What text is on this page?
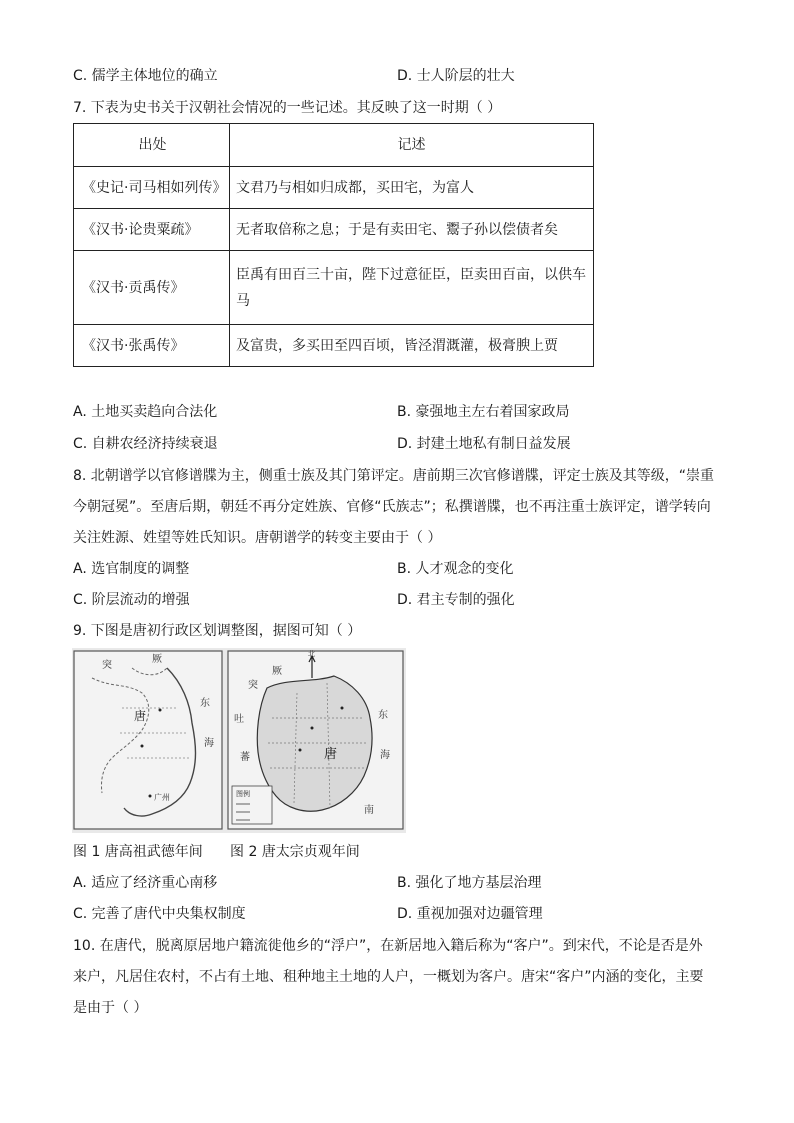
C. 儒学主体地位的确立	D. 士人阶层的壮大
7. 下表为史书关于汉朝社会情况的一些记述。其反映了这一时期（ ）
出处	记述
《史记·司马相如列传》	文君乃与相如归成都，买田宅，为富人
《汉书·论贵粟疏》	无者取倍称之息；于是有卖田宅、鬻子孙以偿债者矣
《汉书·贡禹传》	臣禹有田百三十亩，陛下过意征臣，臣卖田百亩，以供车马
《汉书·张禹传》	及富贵，多买田至四百顷，皆泾渭溉灌，极膏腴上贾
A. 土地买卖趋向合法化	B. 豪强地主左右着国家政局
C. 自耕农经济持续衰退	D. 封建土地私有制日益发展
8. 北朝谱学以官修谱牒为主，侧重士族及其门第评定。唐前期三次官修谱牒，评定士族及其等级，“崇重
今朝冠冕”。至唐后期，朝廷不再分定姓族、官修“氏族志”；私撰谱牒，也不再注重士族评定，谱学转向
关注姓源、姓望等姓氏知识。唐朝谱学的转变主要由于（ ）
A. 选官制度的调整	B. 人才观念的变化
C. 阶层流动的增强	D. 君主专制的强化
9. 下图是唐初行政区划调整图，据图可知（ ）
突
厥
唐
东
海
广州
北
突
厥
唐
东
海
南
吐
蕃
图例
图 1 唐高祖武德年间 图 2 唐太宗贞观年间
A. 适应了经济重心南移	B. 强化了地方基层治理
C. 完善了唐代中央集权制度	D. 重视加强对边疆管理
10. 在唐代，脱离原居地户籍流徙他乡的“浮户”，在新居地入籍后称为“客户”。到宋代，不论是否是外
来户，凡居住农村，不占有土地、租种地主土地的人户，一概划为客户。唐宋“客户”内涵的变化，主要
是由于（ ）
